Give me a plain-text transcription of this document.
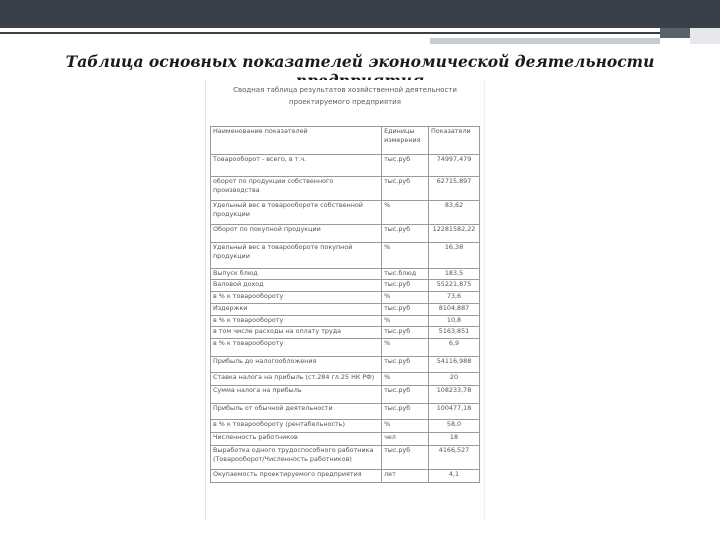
Таблица основных показателей экономической деятельности
Сводная таблица результатов хозяйственной деятельности
проектируемого предприятия
Наименование показателей	Единицы измерения	Показатели
Товарооборот - всего, в т.ч.	тыс.руб	74997,479
оборот по продукции собственного производства	тыс.руб	62715,897
Удельный вес в товарообороте собственной продукции	%	83,62
Оборот по покупной продукции	тыс.руб	12281582,22
Удельный вес в товарообороте покупной продукции	%	16,38
Выпуск блюд	тыс.блюд	183,5
Валовой доход	тыс.руб	55221,875
в % к товарообороту	%	73,6
Издержки	тыс.руб	8104,887
в % к товарообороту	%	10,8
в том числе расходы на оплату труда	тыс.руб	5163,851
в % к товарообороту	%	6,9
Прибыль до налогообложения	тыс.руб	54116,988
Ставка налога на прибыль (ст.284 гл.25 НК РФ)	%	20
Сумма налога на прибыль	тыс.руб	108233,78
Прибыль от обычной деятельности	тыс.руб	100477,18
в % к товарообороту (рентабельность)	%	58,0
Численность работников	чел	18
Выработка одного трудоспособного работника (Товарооборот/Численность работников)	тыс.руб	4166,527
Окупаемость проектируемого предприятия	лет	4,1
